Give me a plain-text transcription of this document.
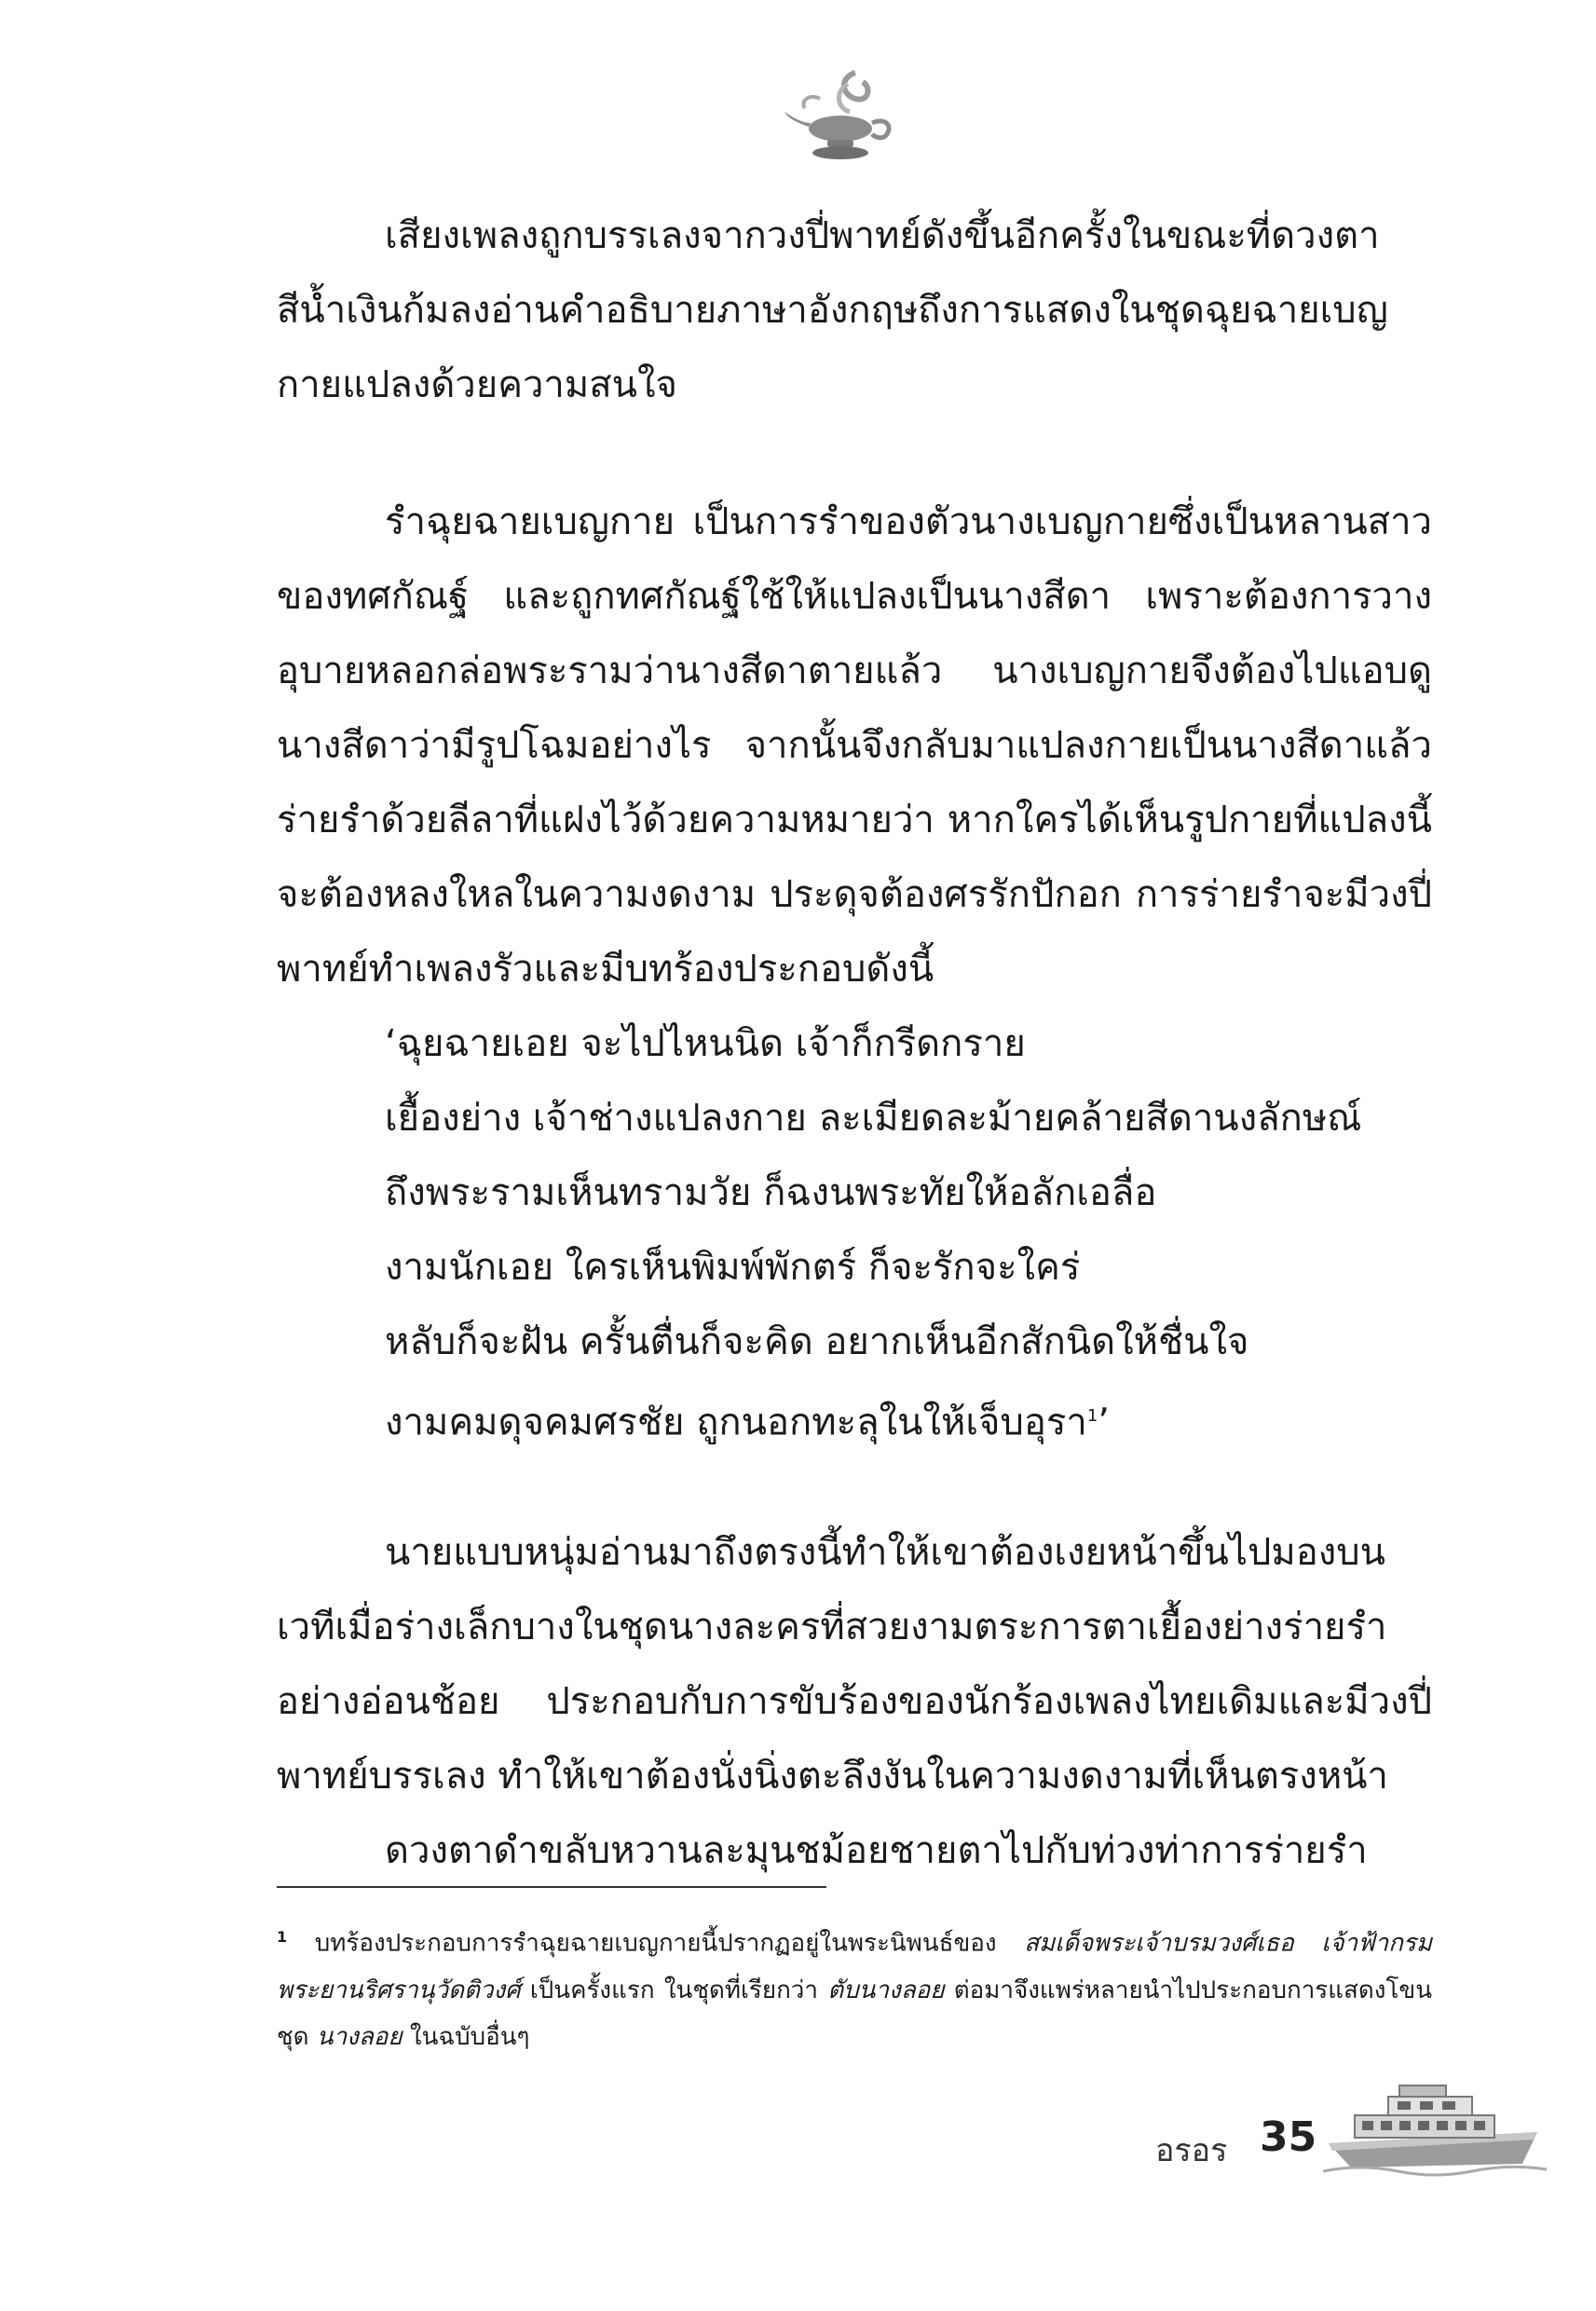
เสียงเพลงถูกบรรเลงจากวงปี่พาทย์ดังขึ้นอีกครั้งในขณะที่ดวงตาสีน้ำเงินก้มลงอ่านคำอธิบายภาษาอังกฤษถึงการแสดงในชุดฉุยฉายเบญกายแปลงด้วยความสนใจ

รำฉุยฉายเบญกาย เป็นการรำของตัวนางเบญกายซึ่งเป็นหลานสาวของทศกัณฐ์ และถูกทศกัณฐ์ใช้ให้แปลงเป็นนางสีดา เพราะต้องการวางอุบายหลอกล่อพระรามว่านางสีดาตายแล้ว นางเบญกายจึงต้องไปแอบดูนางสีดาว่ามีรูปโฉมอย่างไร จากนั้นจึงกลับมาแปลงกายเป็นนางสีดาแล้วร่ายรำด้วยลีลาที่แฝงไว้ด้วยความหมายว่า หากใครได้เห็นรูปกายที่แปลงนี้จะต้องหลงใหลในความงดงาม ประดุจต้องศรรักปักอก การร่ายรำจะมีวงปี่พาทย์ทำเพลงรัวและมีบทร้องประกอบดังนี้

‘ฉุยฉายเอย จะไปไหนนิด เจ้าก็กรีดกราย
เยื้องย่าง เจ้าช่างแปลงกาย ละเมียดละม้ายคล้ายสีดานงลักษณ์
ถึงพระรามเห็นทรามวัย ก็ฉงนพระทัยให้อลักเอลื่อ
งามนักเอย ใครเห็นพิมพ์พักตร์ ก็จะรักจะใคร่
หลับก็จะฝัน ครั้นตื่นก็จะคิด อยากเห็นอีกสักนิดให้ชื่นใจ
งามคมดุจคมศรชัย ถูกนอกทะลุในให้เจ็บอุรา$^1$’

นายแบบหนุ่มอ่านมาถึงตรงนี้ทำให้เขาต้องเงยหน้าขึ้นไปมองบนเวทีเมื่อร่างเล็กบางในชุดนางละครที่สวยงามตระการตาเยื้องย่างร่ายรำอย่างอ่อนช้อย ประกอบกับการขับร้องของนักร้องเพลงไทยเดิมและมีวงปี่พาทย์บรรเลง ทำให้เขาต้องนั่งนิ่งตะลึงงันในความงดงามที่เห็นตรงหน้า

ดวงตาดำขลับหวานละมุนชม้อยชายตาไปกับท่วงท่าการร่ายรำ

$^1$ บทร้องประกอบการรำฉุยฉายเบญกายนี้ปรากฏอยู่ในพระนิพนธ์ของ สมเด็จพระเจ้าบรมวงศ์เธอ เจ้าฟ้ากรมพระยานริศรานุวัดติวงศ์ เป็นครั้งแรก ในชุดที่เรียกว่า ตับนางลอย ต่อมาจึงแพร่หลายนำไปประกอบการแสดงโขนชุด นางลอย ในฉบับอื่นๆ
อรอร 35
